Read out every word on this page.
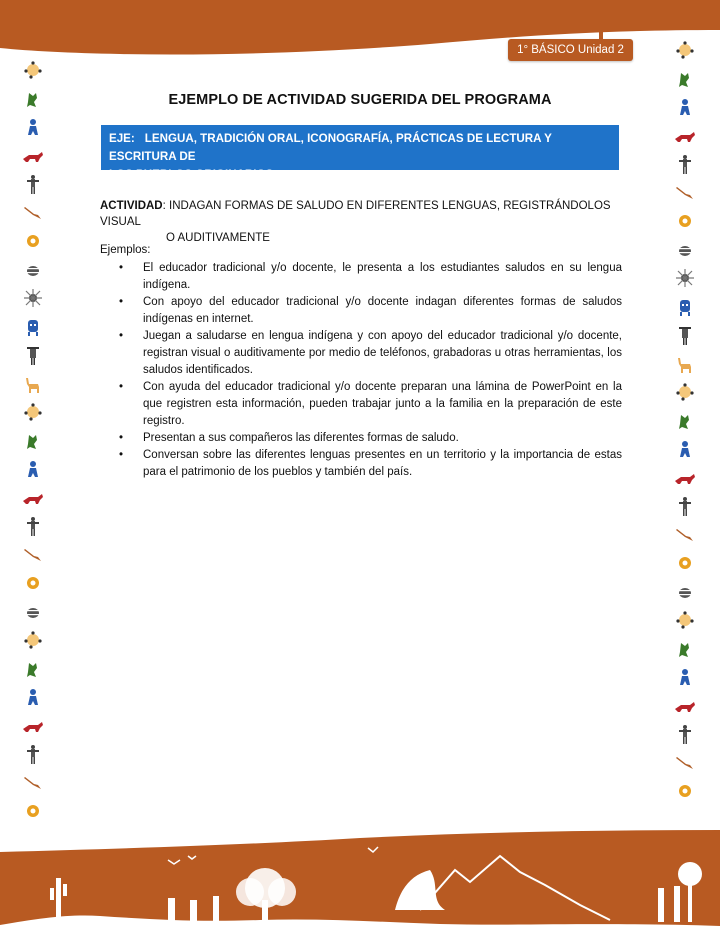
1° BÁSICO Unidad 2
EJEMPLO DE ACTIVIDAD SUGERIDA DEL PROGRAMA
EJE: LENGUA, TRADICIÓN ORAL, ICONOGRAFÍA, PRÁCTICAS DE LECTURA Y ESCRITURA DE
LOS PUEBLOS ORIGINARIOS.
ACTIVIDAD: INDAGAN FORMAS DE SALUDO EN DIFERENTES LENGUAS, REGISTRÁNDOLOS VISUAL
O AUDITIVAMENTE
Ejemplos:
• El educador tradicional y/o docente, le presenta a los estudiantes saludos en su lengua indígena.
• Con apoyo del educador tradicional y/o docente indagan diferentes formas de saludos indígenas en internet.
• Juegan a saludarse en lengua indígena y con apoyo del educador tradicional y/o docente, registran visual o auditivamente por medio de teléfonos, grabadoras u otras herramientas, los saludos identificados.
• Con ayuda del educador tradicional y/o docente preparan una lámina de PowerPoint en la que registren esta información, pueden trabajar junto a la familia en la preparación de este registro.
• Presentan a sus compañeros las diferentes formas de saludo.
• Conversan sobre las diferentes lenguas presentes en un territorio y la importancia de estas para el patrimonio de los pueblos y también del país.
